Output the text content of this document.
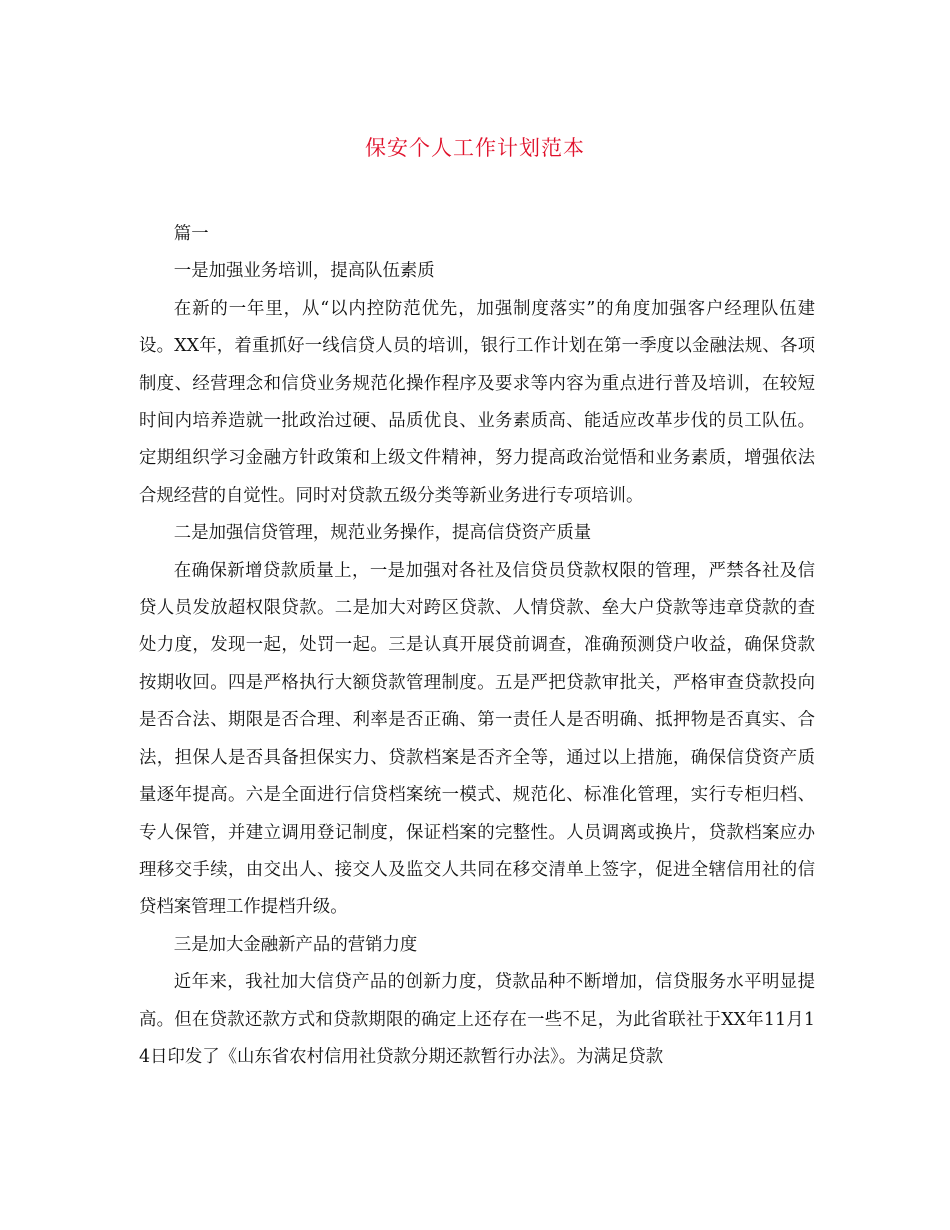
保安个人工作计划范本

篇一

一是加强业务培训，提高队伍素质

在新的一年里，从“以内控防范优先，加强制度落实”的角度加强客户经理队伍建设。XX年，着重抓好一线信贷人员的培训，银行工作计划在第一季度以金融法规、各项制度、经营理念和信贷业务规范化操作程序及要求等内容为重点进行普及培训，在较短时间内培养造就一批政治过硬、品质优良、业务素质高、能适应改革步伐的员工队伍。定期组织学习金融方针政策和上级文件精神，努力提高政治觉悟和业务素质，增强依法合规经营的自觉性。同时对贷款五级分类等新业务进行专项培训。

二是加强信贷管理，规范业务操作，提高信贷资产质量

在确保新增贷款质量上，一是加强对各社及信贷员贷款权限的管理，严禁各社及信贷人员发放超权限贷款。二是加大对跨区贷款、人情贷款、垒大户贷款等违章贷款的查处力度，发现一起，处罚一起。三是认真开展贷前调查，准确预测贷户收益，确保贷款按期收回。四是严格执行大额贷款管理制度。五是严把贷款审批关，严格审查贷款投向是否合法、期限是否合理、利率是否正确、第一责任人是否明确、抵押物是否真实、合法，担保人是否具备担保实力、贷款档案是否齐全等，通过以上措施，确保信贷资产质量逐年提高。六是全面进行信贷档案统一模式、规范化、标准化管理，实行专柜归档、专人保管，并建立调用登记制度，保证档案的完整性。人员调离或换片，贷款档案应办理移交手续，由交出人、接交人及监交人共同在移交清单上签字，促进全辖信用社的信贷档案管理工作提档升级。

三是加大金融新产品的营销力度

近年来，我社加大信贷产品的创新力度，贷款品种不断增加，信贷服务水平明显提高。但在贷款还款方式和贷款期限的确定上还存在一些不足，为此省联社于XX年11月14日印发了《山东省农村信用社贷款分期还款暂行办法》。为满足贷款
